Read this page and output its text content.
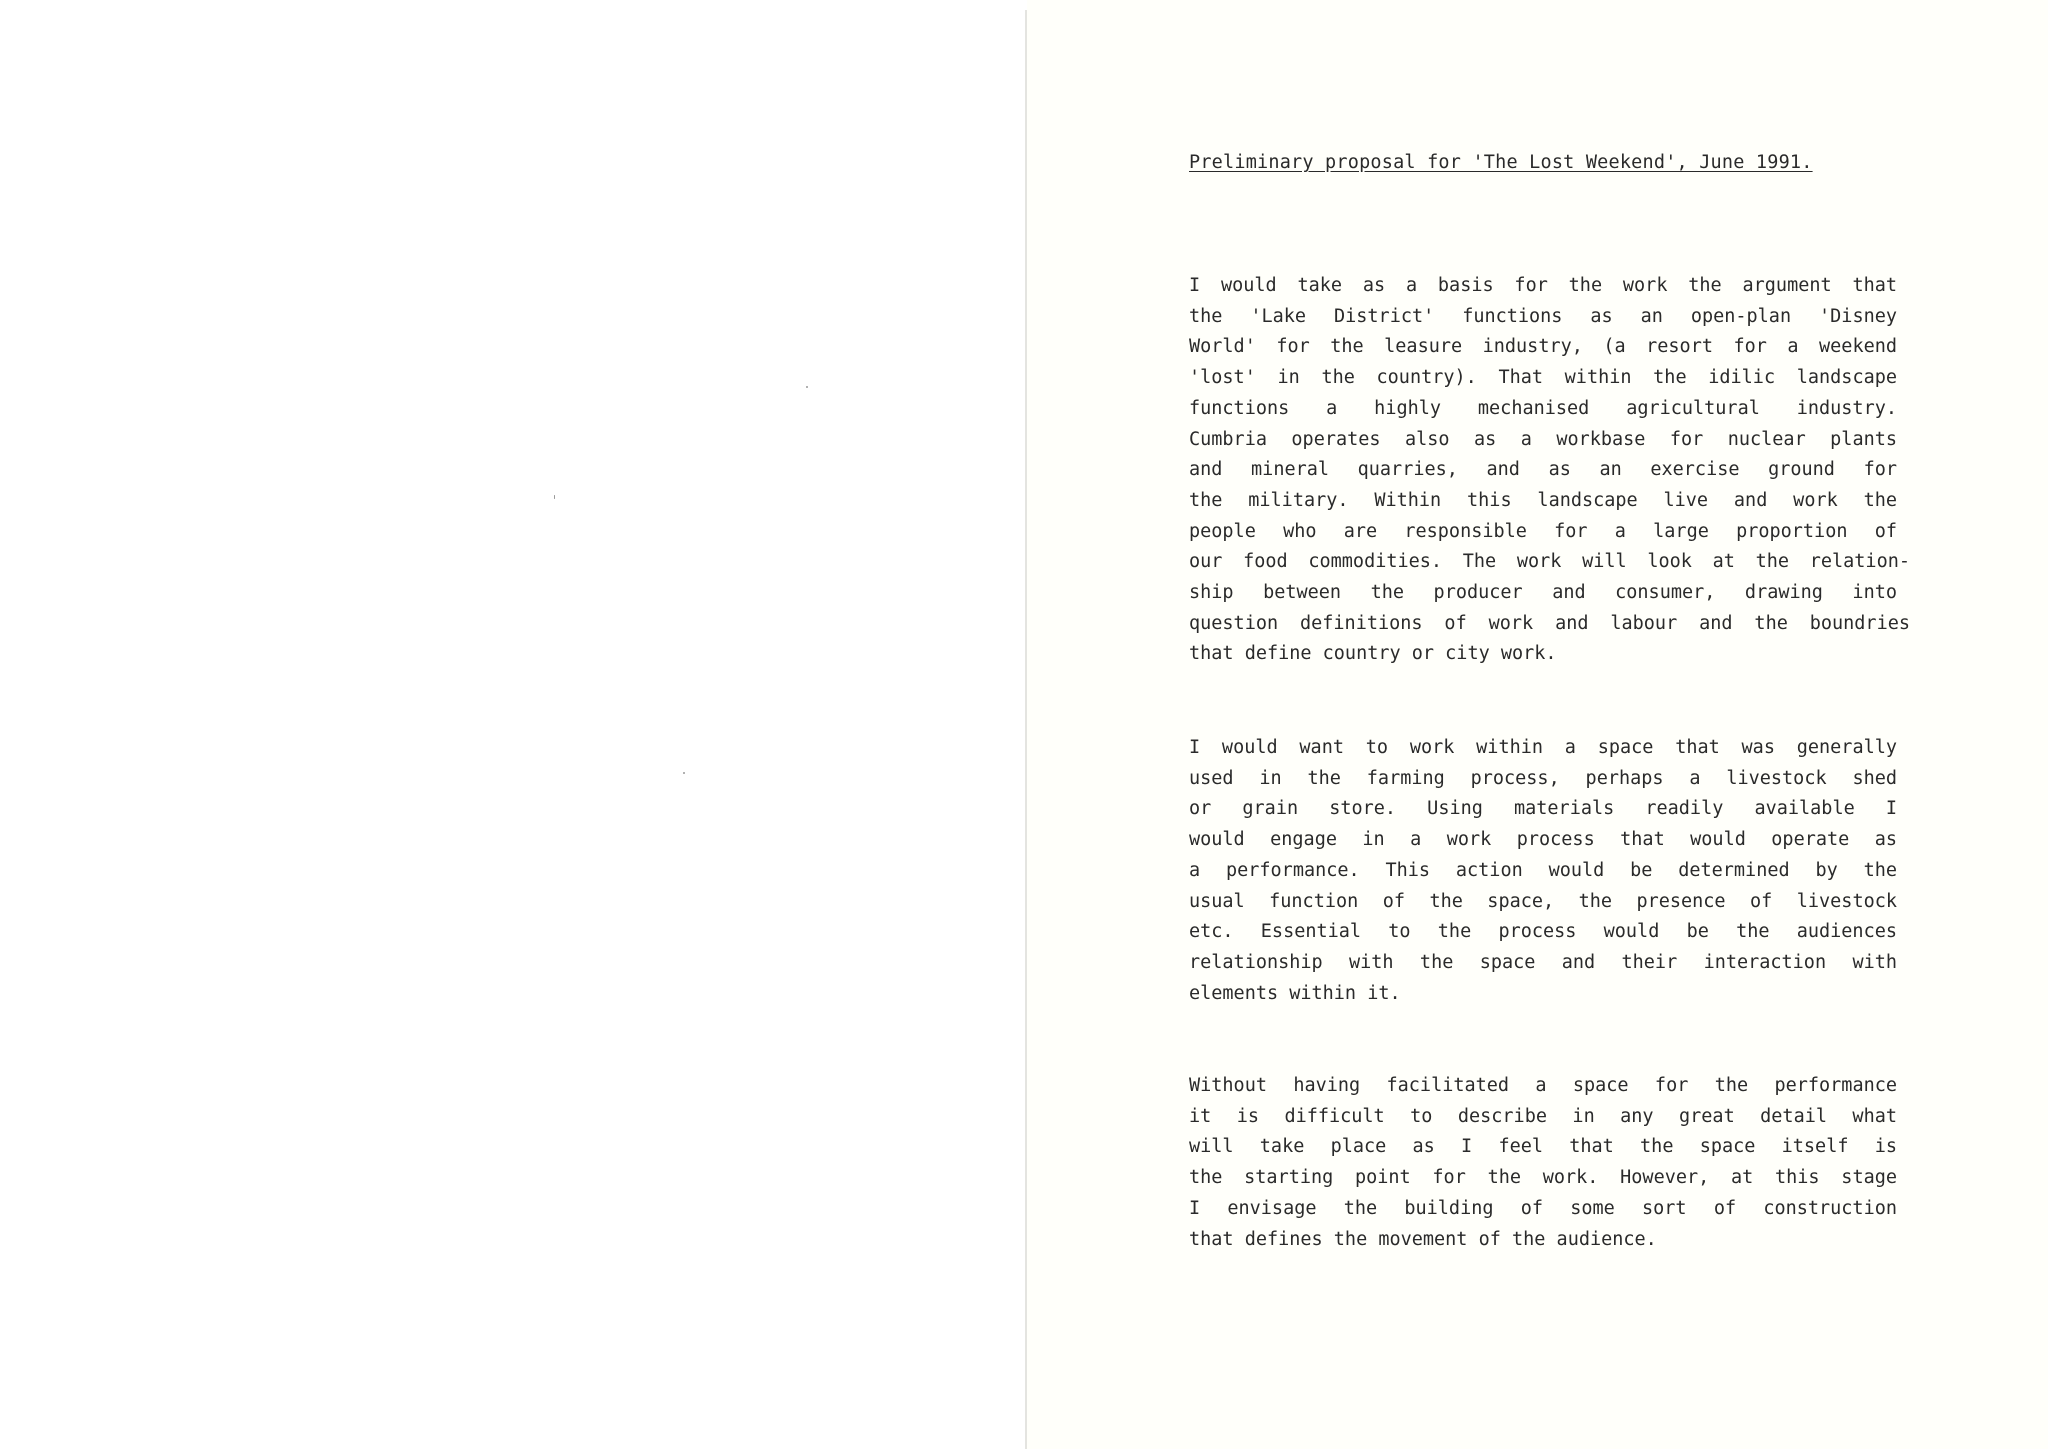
Preliminary proposal for 'The Lost Weekend', June 1991.

I would take as a basis for the work the argument that
the 'Lake District' functions as an open-plan 'Disney
World' for the leasure industry, (a resort for a weekend
'lost' in the country). That within the idilic landscape
functions a highly mechanised agricultural industry.
Cumbria operates also as a workbase for nuclear plants
and mineral quarries, and as an exercise ground for
the military. Within this landscape live and work the
people who are responsible for a large proportion of
our food commodities. The work will look at the relation-
ship between the producer and consumer, drawing into
question definitions of work and labour and the boundries
that define country or city work.

I would want to work within a space that was generally
used in the farming process, perhaps a livestock shed
or grain store. Using materials readily available I
would engage in a work process that would operate as
a performance. This action would be determined by the
usual function of the space, the presence of livestock
etc. Essential to the process would be the audiences
relationship with the space and their interaction with
elements within it.

Without having facilitated a space for the performance
it is difficult to describe in any great detail what
will take place as I feel that the space itself is
the starting point for the work. However, at this stage
I envisage the building of some sort of construction
that defines the movement of the audience.
